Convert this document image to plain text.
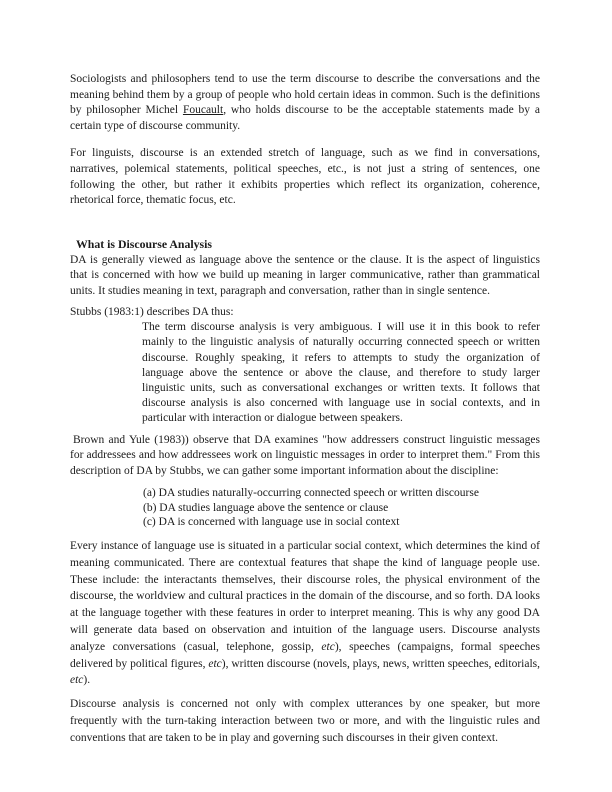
Sociologists and philosophers tend to use the term discourse to describe the conversations and the meaning behind them by a group of people who hold certain ideas in common. Such is the definitions by philosopher Michel Foucault, who holds discourse to be the acceptable statements made by a certain type of discourse community.

For linguists, discourse is an extended stretch of language, such as we find in conversations, narratives, polemical statements, political speeches, etc., is not just a string of sentences, one following the other, but rather it exhibits properties which reflect its organization, coherence, rhetorical force, thematic focus, etc.

What is Discourse Analysis

DA is generally viewed as language above the sentence or the clause. It is the aspect of linguistics that is concerned with how we build up meaning in larger communicative, rather than grammatical units. It studies meaning in text, paragraph and conversation, rather than in single sentence.

Stubbs (1983:1) describes DA thus:

The term discourse analysis is very ambiguous. I will use it in this book to refer mainly to the linguistic analysis of naturally occurring connected speech or written discourse. Roughly speaking, it refers to attempts to study the organization of language above the sentence or above the clause, and therefore to study larger linguistic units, such as conversational exchanges or written texts. It follows that discourse analysis is also concerned with language use in social contexts, and in particular with interaction or dialogue between speakers.

Brown and Yule (1983)) observe that DA examines "how addressers construct linguistic messages for addressees and how addressees work on linguistic messages in order to interpret them." From this description of DA by Stubbs, we can gather some important information about the discipline:

(a) DA studies naturally-occurring connected speech or written discourse
(b) DA studies language above the sentence or clause
(c) DA is concerned with language use in social context

Every instance of language use is situated in a particular social context, which determines the kind of meaning communicated. There are contextual features that shape the kind of language people use. These include: the interactants themselves, their discourse roles, the physical environment of the discourse, the worldview and cultural practices in the domain of the discourse, and so forth. DA looks at the language together with these features in order to interpret meaning. This is why any good DA will generate data based on observation and intuition of the language users. Discourse analysts analyze conversations (casual, telephone, gossip, etc), speeches (campaigns, formal speeches delivered by political figures, etc), written discourse (novels, plays, news, written speeches, editorials, etc).

Discourse analysis is concerned not only with complex utterances by one speaker, but more frequently with the turn-taking interaction between two or more, and with the linguistic rules and conventions that are taken to be in play and governing such discourses in their given context.
